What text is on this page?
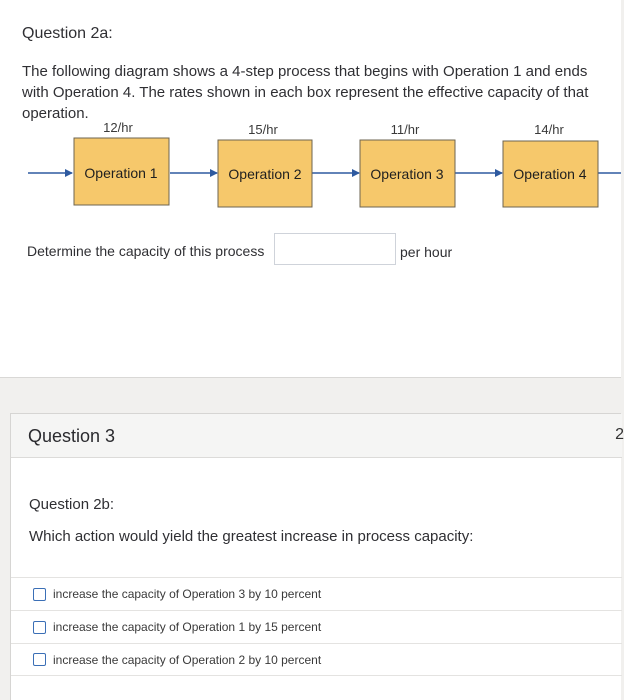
Question 2a:
The following diagram shows a 4-step process that begins with Operation 1 and ends with Operation 4. The rates shown in each box represent the effective capacity of that operation.
12/hr	15/hr	11/hr	14/hr
Operation 1	Operation 2	Operation 3	Operation 4
Determine the capacity of this process	per hour
Question 3	2
Question 2b:
Which action would yield the greatest increase in process capacity:
increase the capacity of Operation 3 by 10 percent
increase the capacity of Operation 1 by 15 percent
increase the capacity of Operation 2 by 10 percent
